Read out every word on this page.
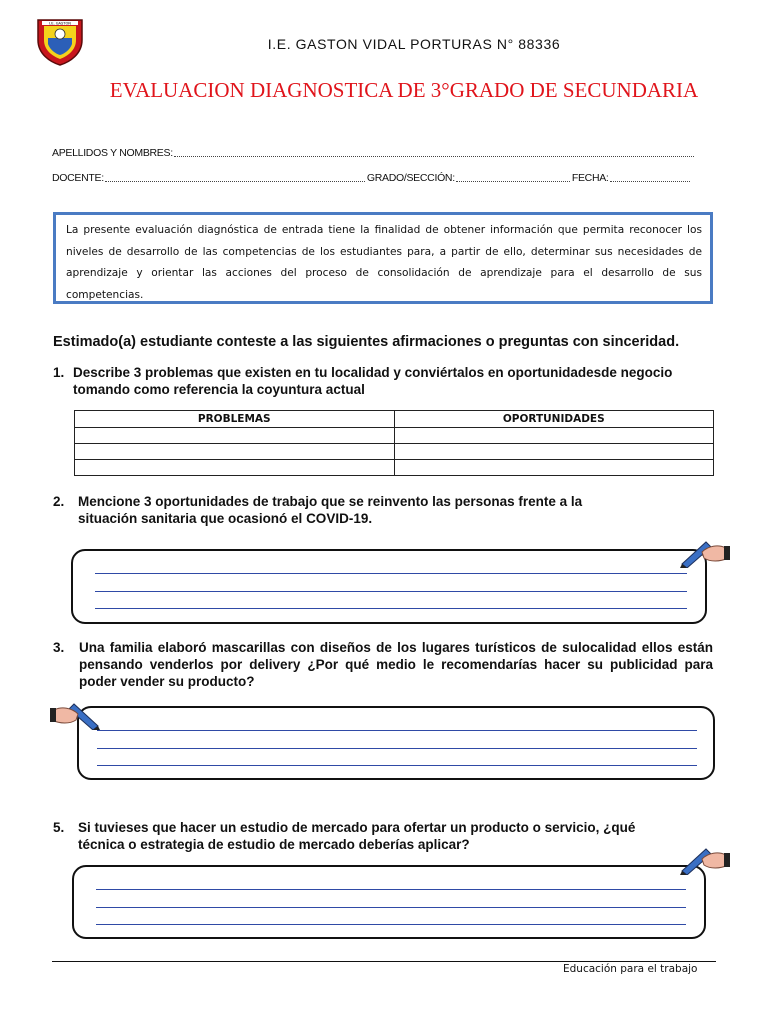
I.E. GASTON
I.E. GASTON VIDAL PORTURAS N° 88336
EVALUACION DIAGNOSTICA DE 3°GRADO DE SECUNDARIA
APELLIDOS Y NOMBRES:
DOCENTE:	GRADO/SECCIÓN:	FECHA:
La presente evaluación diagnóstica de entrada tiene la finalidad de obtener información que permita reconocer los niveles de desarrollo de las competencias de los estudiantes para, a partir de ello, determinar sus necesidades de aprendizaje y orientar las acciones del proceso de consolidación de aprendizaje para el desarrollo de sus competencias.
Estimado(a) estudiante conteste a las siguientes afirmaciones o preguntas con sinceridad.
1. Describe 3 problemas que existen en tu localidad y conviértalos en oportunidadesde negocio tomando como referencia la coyuntura actual
PROBLEMAS	OPORTUNIDADES

2. Mencione 3 oportunidades de trabajo que se reinvento las personas frente a la situación sanitaria que ocasionó el COVID-19.
3. Una familia elaboró mascarillas con diseños de los lugares turísticos de sulocalidad ellos están pensando venderlos por delivery ¿Por qué medio le recomendarías hacer su publicidad para poder vender su producto?
5. Si tuvieses que hacer un estudio de mercado para ofertar un producto o servicio, ¿qué técnica o estrategia de estudio de mercado deberías aplicar?
Educación para el trabajo
